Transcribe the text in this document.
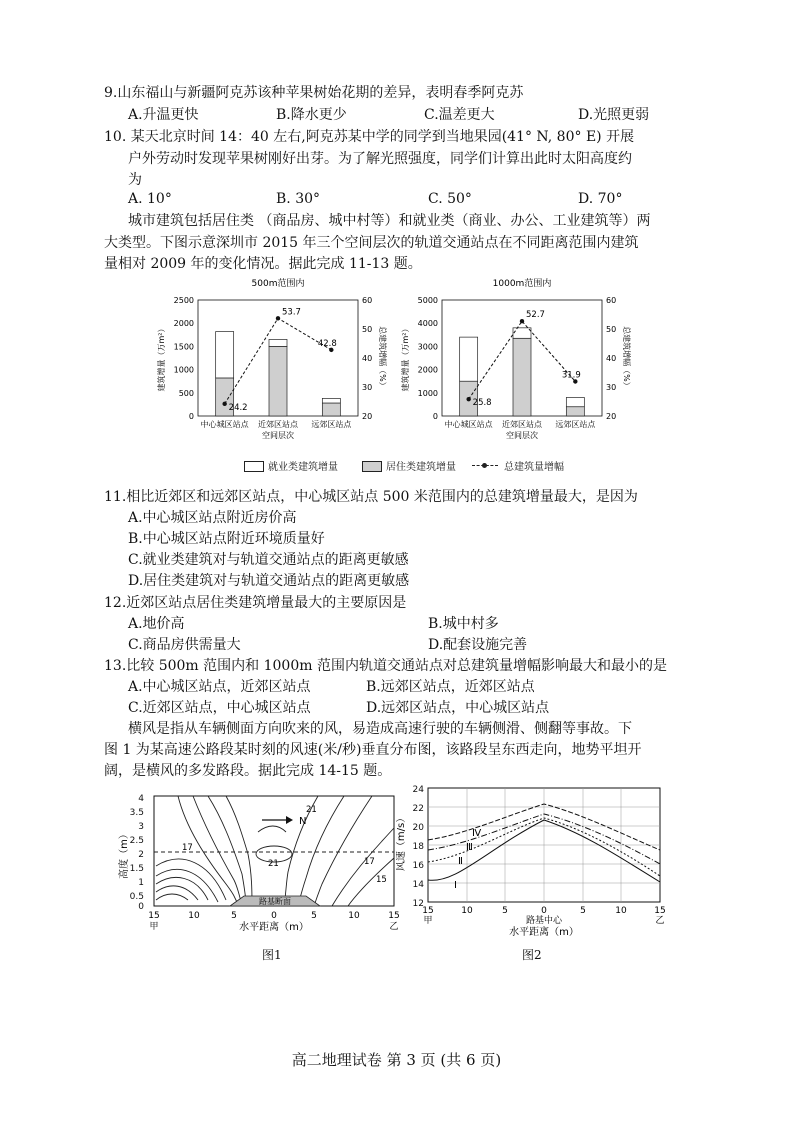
9.山东福山与新疆阿克苏该种苹果树始花期的差异，表明春季阿克苏
A.升温更快	B.降水更少	C.温差更大	D.光照更弱
10. 某天北京时间 14：40 左右,阿克苏某中学的同学到当地果园(41° N, 80° E) 开展
户外劳动时发现苹果树刚好出芽。为了解光照强度，同学们计算出此时太阳高度约
为
A. 10°	B. 30°	C. 50°	D. 70°
城市建筑包括居住类 （商品房、城中村等）和就业类（商业、办公、工业建筑等）两
大类型。下图示意深圳市 2015 年三个空间层次的轨道交通站点在不同距离范围内建筑
量相对 2009 年的变化情况。据此完成 11-13 题。
500m范围内
0
500
1000
1500
2000
2500
20
30
40
50
60
建筑增量（万m²）	总建筑增幅（%）
中心城区站点 近郊区站点 远郊区站点
24.2
53.7
42.8
空间层次
1000m范围内
0
1000
2000
3000
4000
5000
20
30
40
50
60
建筑增量（万m²）	总建筑增幅（%）
中心城区站点 近郊区站点 远郊区站点
25.8
52.7
31.9
空间层次
就业类建筑增量	居住类建筑增量	总建筑量增幅
11.相比近郊区和远郊区站点，中心城区站点 500 米范围内的总建筑增量最大，是因为
A.中心城区站点附近房价高
B.中心城区站点附近环境质量好
C.就业类建筑对与轨道交通站点的距离更敏感
D.居住类建筑对与轨道交通站点的距离更敏感
12.近郊区站点居住类建筑增量最大的主要原因是
A.地价高	B.城中村多
C.商品房供需量大	D.配套设施完善
13.比较 500m 范围内和 1000m 范围内轨道交通站点对总建筑量增幅影响最大和最小的是
A.中心城区站点，近郊区站点	B.远郊区站点，近郊区站点
C.近郊区站点，中心城区站点	D.远郊区站点，中心城区站点
横风是指从车辆侧面方向吹来的风，易造成高速行驶的车辆侧滑、侧翻等事故。下
图 1 为某高速公路段某时刻的风速(米/秒)垂直分布图，该路段呈东西走向，地势平坦开
阔，是横风的多发路段。据此完成 14-15 题。
4
3.5
3
2.5
2
1.5
1
0.5
0
高度（m）
路基断面
N
21
17
21	17
15
15	10	5	0	5	10	15
甲	乙
水平距离（m）
风速（m/s）
24
22
20
18
16
14
12
Ⅳ
Ⅲ
Ⅱ
Ⅰ
15	10	5	0	5	10	15
甲	乙
路基中心
水平距离（m）
图1	图2
高二地理试卷 第 3 页 (共 6 页)
